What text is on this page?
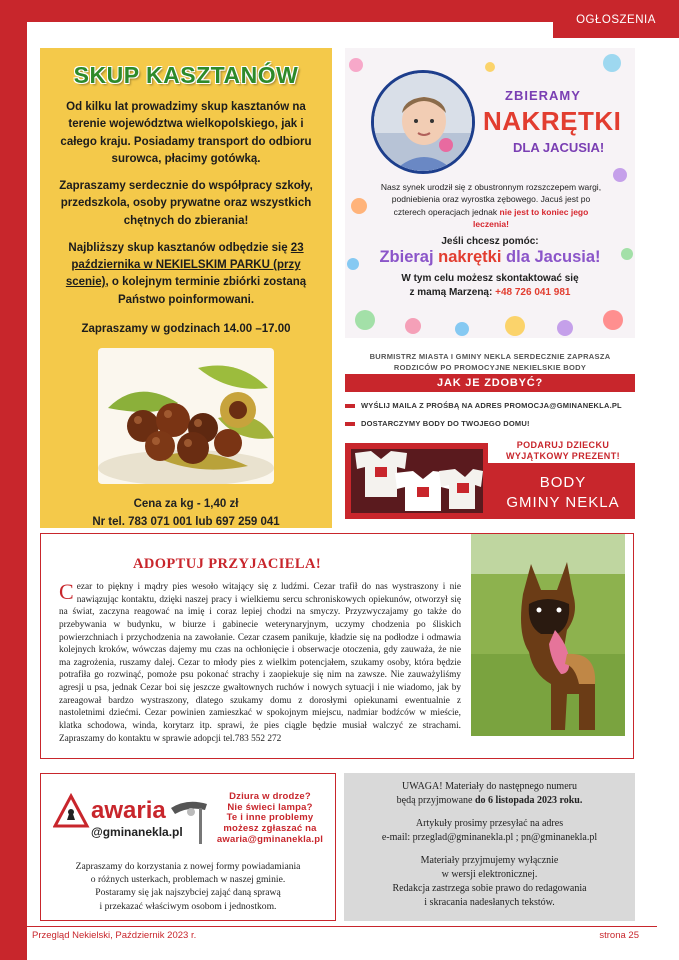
OGŁOSZENIA
SKUP KASZTANÓW

Od kilku lat prowadzimy skup kasztanów na terenie województwa wielkopolskiego, jak i całego kraju. Posiadamy transport do odbioru surowca, płacimy gotówką.

Zapraszamy serdecznie do współpracy szkoły, przedszkola, osoby prywatne oraz wszystkich chętnych do zbierania!

Najbliższy skup kasztanów odbędzie się 23 października w NEKIELSKIM PARKU (przy scenie), o kolejnym terminie zbiórki zostaną Państwo poinformowani.

Zapraszamy w godzinach 14.00 –17.00

Cena za kg - 1,40 zł
Nr tel. 783 071 001 lub 697 259 041
ZBIERAMY
NAKRĘTKI
DLA JACUSIA!
Nasz synek urodził się z obustronnym rozszczepem wargi, podniebienia oraz wyrostka zębowego. Jacuś jest po czterech operacjach jednak nie jest to koniec jego leczenia!
Jeśli chcesz pomóc:
Zbieraj nakrętki dla Jacusia!
W tym celu możesz skontaktować się
z mamą Marzeną: +48 726 041 981
BURMISTRZ MIASTA I GMINY NEKLA SERDECZNIE ZAPRASZA
RODZICÓW PO PROMOCYJNE NEKIELSKIE BODY
JAK JE ZDOBYĆ?
WYŚLIJ MAILA Z PROŚBĄ NA ADRES PROMOCJA@GMINANEKLA.PL
DOSTARCZYMY BODY DO TWOJEGO DOMU!
BODY
GMINY NEKLA
PODARUJ DZIECKU
WYJĄTKOWY PREZENT!
ADOPTUJ PRZYJACIELA!
Cezar to piękny i mądry pies wesoło witający się z ludźmi. Cezar trafił do nas wystraszony i nie nawiązując kontaktu, dzięki naszej pracy i wielkiemu sercu schroniskowych opiekunów, otworzył się na świat, zaczyna reagować na imię i coraz lepiej chodzi na smyczy. Przyzwyczajamy go także do przebywania w budynku, w biurze i gabinecie weterynaryjnym, uczymy chodzenia po śliskich powierzchniach i przychodzenia na zawołanie. Cezar czasem panikuje, kładzie się na podłodze i odmawia kolejnych kroków, wówczas dajemy mu czas na ochłonięcie i obserwacje otoczenia, gdy zauważa, że nie ma zagrożenia, ruszamy dalej. Cezar to młody pies z wielkim potencjałem, szukamy osoby, która będzie potrafiła go rozwinąć, pomoże psu pokonać strachy i zaopiekuje się nim na zawsze. Nie zauważyliśmy agresji u psa, jednak Cezar boi się jeszcze gwałtownych ruchów i nowych sytuacji i nie wiadomo, jak by zareagował bardzo wystraszony, dlatego szukamy domu z dorosłymi opiekunami ewentualnie z nastoletnimi dziećmi. Cezar powinien zamieszkać w spokojnym miejscu, nadmiar bodźców w mieście, klatka schodowa, winda, korytarz itp. sprawi, że pies ciągle będzie musiał walczyć ze strachami. Zapraszamy do kontaktu w sprawie adopcji tel.783 552 272
awaria
@gminanekla.pl
Dziura w drodze?
Nie świeci lampa?
Te i inne problemy
możesz zgłaszać na
awaria@gminanekla.pl
Zapraszamy do korzystania z nowej formy powiadamiania
o różnych usterkach, problemach w naszej gminie.
Postaramy się jak najszybciej zająć daną sprawą
i przekazać właściwym osobom i jednostkom.
UWAGA! Materiały do następnego numeru
będą przyjmowane do 6 listopada 2023 roku.
Artykuły prosimy przesyłać na adres
e-mail: przeglad@gminanekla.pl ; pn@gminanekla.pl
Materiały przyjmujemy wyłącznie
w wersji elektronicznej.
Redakcja zastrzega sobie prawo do redagowania
i skracania nadesłanych tekstów.
Przegląd Nekielski, Październik 2023 r.	strona 25
